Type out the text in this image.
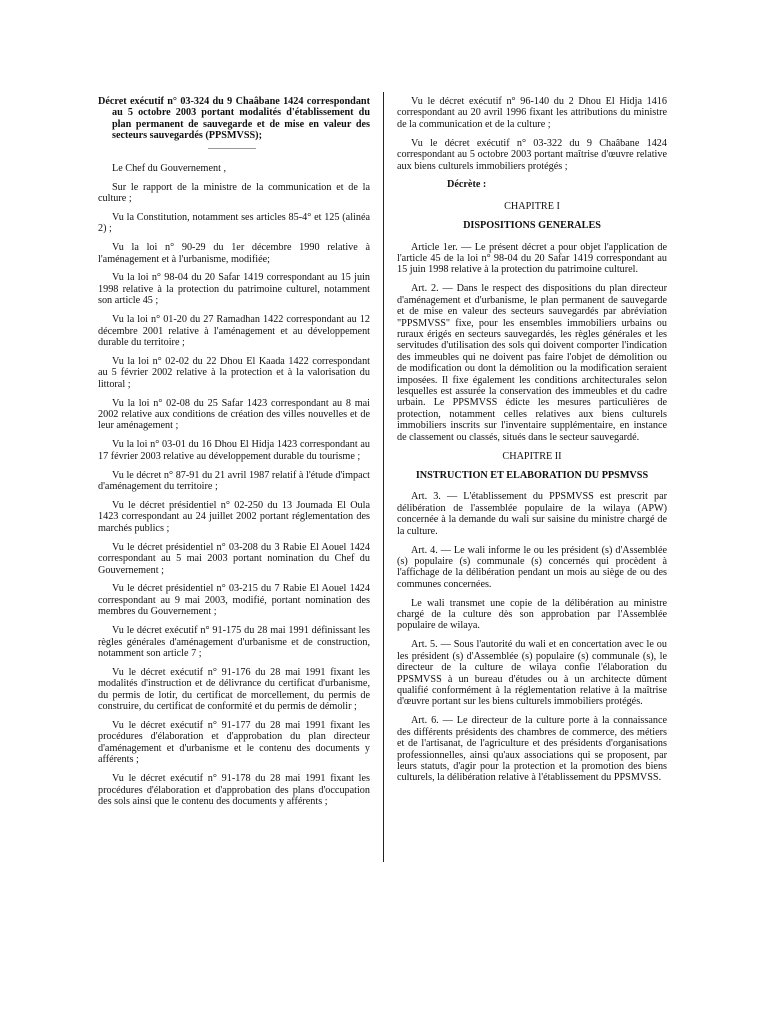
Décret exécutif n° 03-324 du 9 Chaâbane 1424 correspondant au 5 octobre 2003 portant modalités d'établissement du plan permanent de sauvegarde et de mise en valeur des secteurs sauvegardés (PPSMVSS);

Le Chef du Gouvernement ,

Sur le rapport de la ministre de la communication et de la culture ;

Vu la Constitution, notamment ses articles 85-4° et 125 (alinéa 2) ;

Vu la loi n° 90-29 du 1er décembre 1990 relative à l'aménagement et à l'urbanisme, modifiée;

Vu la loi n° 98-04 du 20 Safar 1419 correspondant au 15 juin 1998 relative à la protection du patrimoine culturel, notamment son article 45 ;

Vu la loi n° 01-20 du 27 Ramadhan 1422 correspondant au 12 décembre 2001 relative à l'aménagement et au développement durable du territoire ;

Vu la loi n° 02-02 du 22 Dhou El Kaada 1422 correspondant au 5 février 2002 relative à la protection et à la valorisation du littoral ;

Vu la loi n° 02-08 du 25 Safar 1423 correspondant au 8 mai 2002 relative aux conditions de création des villes nouvelles et de leur aménagement ;

Vu la loi n° 03-01 du 16 Dhou El Hidja 1423 correspondant au 17 février 2003 relative au développement durable du tourisme ;

Vu le décret n° 87-91 du 21 avril 1987 relatif à l'étude d'impact d'aménagement du territoire ;

Vu le décret présidentiel n° 02-250 du 13 Joumada El Oula 1423 correspondant au 24 juillet 2002 portant réglementation des marchés publics ;

Vu le décret présidentiel n° 03-208 du 3 Rabie El Aouel 1424 correspondant au 5 mai 2003 portant nomination du Chef du Gouvernement ;

Vu le décret présidentiel n° 03-215 du 7 Rabie El Aouel 1424 correspondant au 9 mai 2003, modifié, portant nomination des membres du Gouvernement ;

Vu le décret exécutif n° 91-175 du 28 mai 1991 définissant les règles générales d'aménagement d'urbanisme et de construction, notamment son article 7 ;

Vu le décret exécutif n° 91-176 du 28 mai 1991 fixant les modalités d'instruction et de délivrance du certificat d'urbanisme, du permis de lotir, du certificat de morcellement, du permis de construire, du certificat de conformité et du permis de démolir ;

Vu le décret exécutif n° 91-177 du 28 mai 1991 fixant les procédures d'élaboration et d'approbation du plan directeur d'aménagement et d'urbanisme et le contenu des documents y afférents ;

Vu le décret exécutif n° 91-178 du 28 mai 1991 fixant les procédures d'élaboration et d'approbation des plans d'occupation des sols ainsi que le contenu des documents y afférents ;

Vu le décret exécutif n° 96-140 du 2 Dhou El Hidja 1416 correspondant au 20 avril 1996 fixant les attributions du ministre de la communication et de la culture ;

Vu le décret exécutif n° 03-322 du 9 Chaâbane 1424 correspondant au 5 octobre 2003 portant maîtrise d'œuvre relative aux biens culturels immobiliers protégés ;

Décrète :

CHAPITRE I

DISPOSITIONS GENERALES

Article 1er. — Le présent décret a pour objet l'application de l'article 45 de la loi n° 98-04 du 20 Safar 1419 correspondant au 15 juin 1998 relative à la protection du patrimoine culturel.

Art. 2. — Dans le respect des dispositions du plan directeur d'aménagement et d'urbanisme, le plan permanent de sauvegarde et de mise en valeur des secteurs sauvegardés par abréviation "PPSMVSS" fixe, pour les ensembles immobiliers urbains ou ruraux érigés en secteurs sauvegardés, les règles générales et les servitudes d'utilisation des sols qui doivent comporter l'indication des immeubles qui ne doivent pas faire l'objet de démolition ou de modification ou dont la démolition ou la modification seraient imposées. Il fixe également les conditions architecturales selon lesquelles est assurée la conservation des immeubles et du cadre urbain. Le PPSMVSS édicte les mesures particulières de protection, notamment celles relatives aux biens culturels immobiliers inscrits sur l'inventaire supplémentaire, en instance de classement ou classés, situés dans le secteur sauvegardé.

CHAPITRE II

INSTRUCTION ET ELABORATION DU PPSMVSS

Art. 3. — L'établissement du PPSMVSS est prescrit par délibération de l'assemblée populaire de la wilaya (APW) concernée à la demande du wali sur saisine du ministre chargé de la culture.

Art. 4. — Le wali informe le ou les président (s) d'Assemblée (s) populaire (s) communale (s) concernés qui procèdent à l'affichage de la délibération pendant un mois au siège de ou des communes concernées.

Le wali transmet une copie de la délibération au ministre chargé de la culture dès son approbation par l'Assemblée populaire de wilaya.

Art. 5. — Sous l'autorité du wali et en concertation avec le ou les président (s) d'Assemblée (s) populaire (s) communale (s), le directeur de la culture de wilaya confie l'élaboration du PPSMVSS à un bureau d'études ou à un architecte dûment qualifié conformément à la réglementation relative à la maîtrise d'œuvre portant sur les biens culturels immobiliers protégés.

Art. 6. — Le directeur de la culture porte à la connaissance des différents présidents des chambres de commerce, des métiers et de l'artisanat, de l'agriculture et des présidents d'organisations professionnelles, ainsi qu'aux associations qui se proposent, par leurs statuts, d'agir pour la protection et la promotion des biens culturels, la délibération relative à l'établissement du PPSMVSS.
